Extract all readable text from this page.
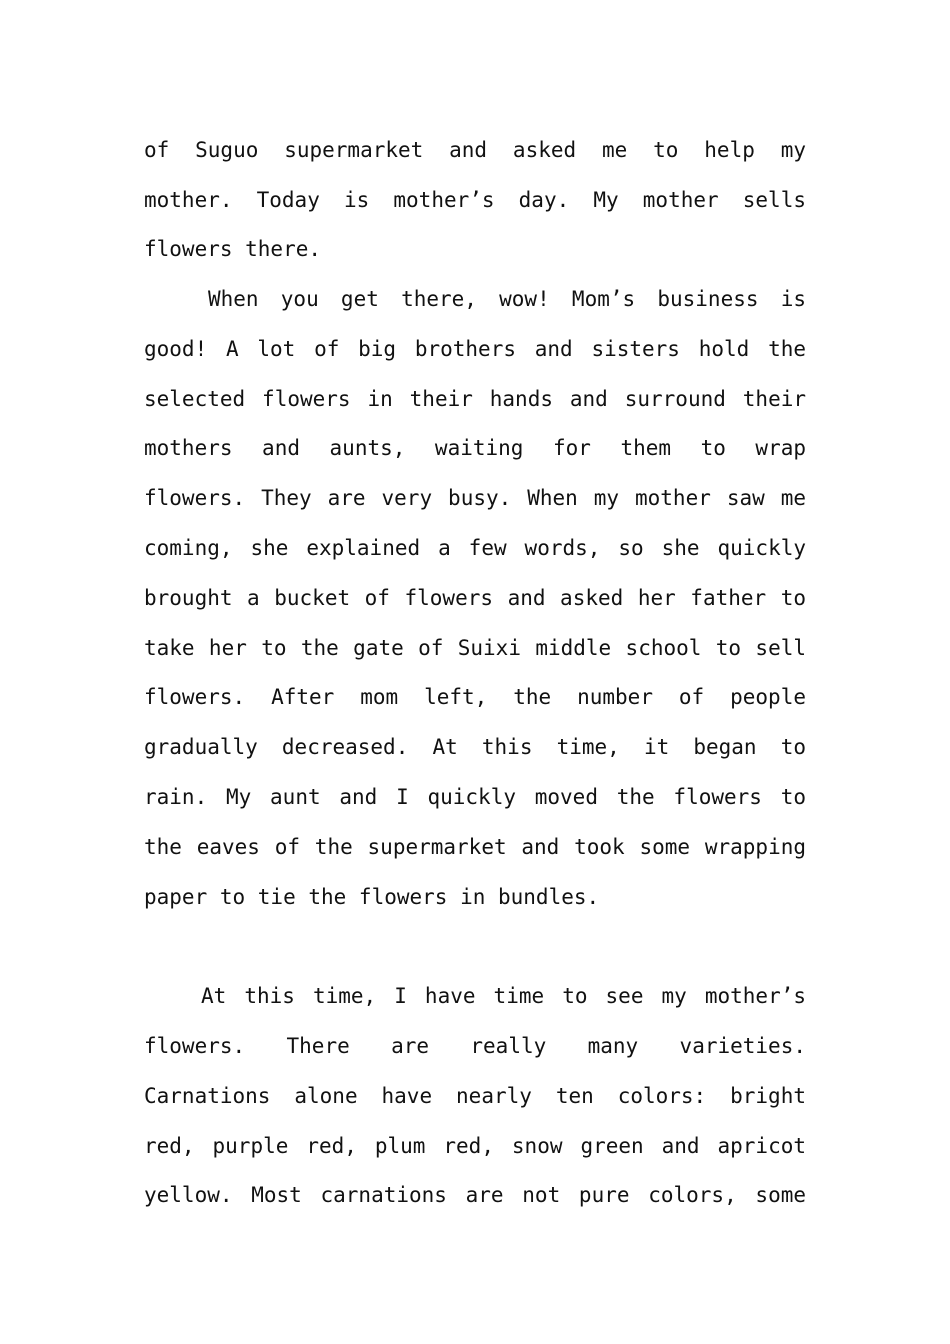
of Suguo supermarket and asked me to help my
mother. Today is mother’s day. My mother sells
flowers there.
When you get there, wow! Mom’s business is
good! A lot of big brothers and sisters hold the
selected flowers in their hands and surround their
mothers and aunts, waiting for them to wrap
flowers. They are very busy. When my mother saw me
coming, she explained a few words, so she quickly
brought a bucket of flowers and asked her father to
take her to the gate of Suixi middle school to sell
flowers. After mom left, the number of people
gradually decreased. At this time, it began to
rain. My aunt and I quickly moved the flowers to
the eaves of the supermarket and took some wrapping
paper to tie the flowers in bundles.
At this time, I have time to see my mother’s
flowers. There are really many varieties.
Carnations alone have nearly ten colors: bright
red, purple red, plum red, snow green and apricot
yellow. Most carnations are not pure colors, some
